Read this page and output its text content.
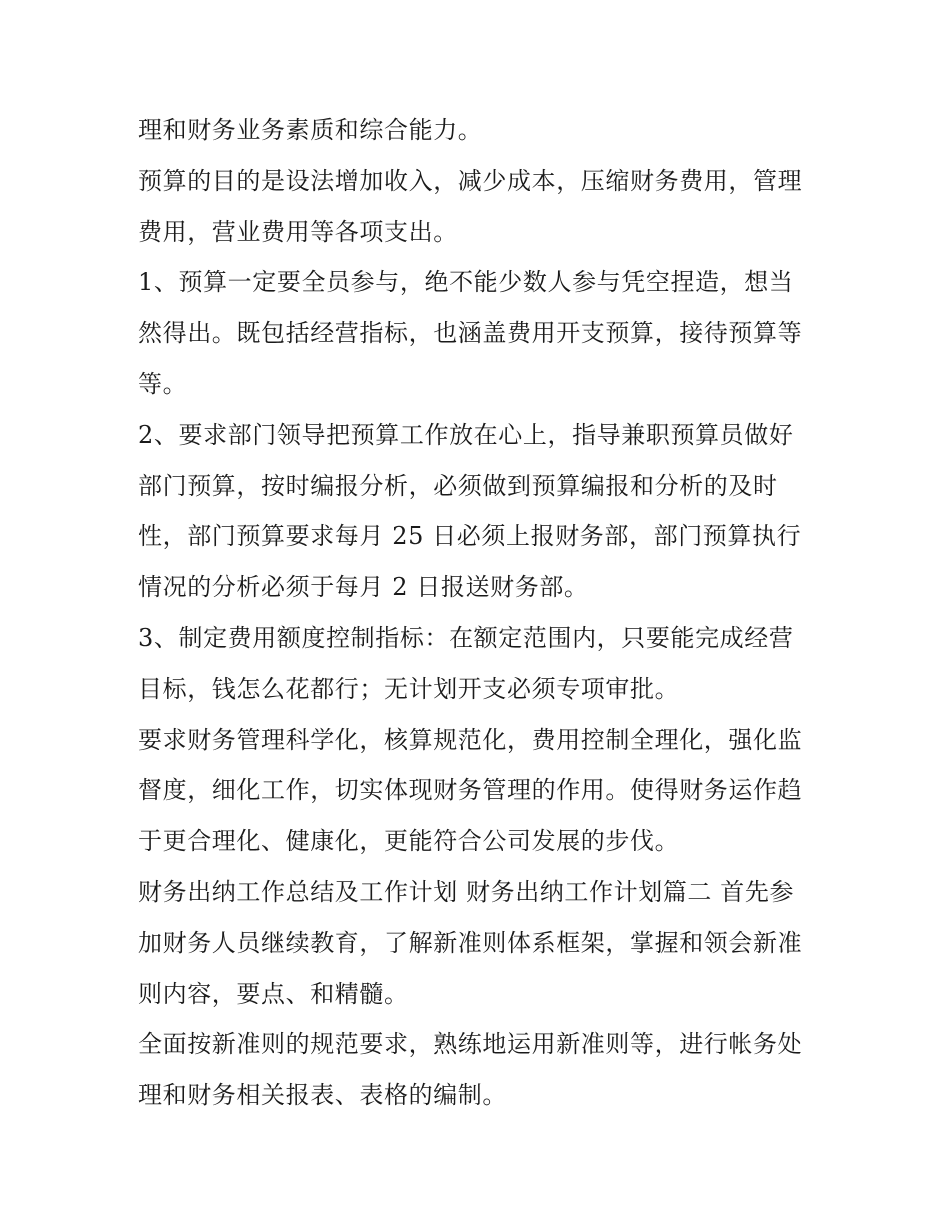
理和财务业务素质和综合能力。
预算的目的是设法增加收入，减少成本，压缩财务费用，管理
费用，营业费用等各项支出。
1、预算一定要全员参与，绝不能少数人参与凭空捏造，想当
然得出。既包括经营指标，也涵盖费用开支预算，接待预算等
等。
2、要求部门领导把预算工作放在心上，指导兼职预算员做好
部门预算，按时编报分析，必须做到预算编报和分析的及时
性，部门预算要求每月 25 日必须上报财务部，部门预算执行
情况的分析必须于每月 2 日报送财务部。
3、制定费用额度控制指标：在额定范围内，只要能完成经营
目标，钱怎么花都行；无计划开支必须专项审批。
要求财务管理科学化，核算规范化，费用控制全理化，强化监
督度，细化工作，切实体现财务管理的作用。使得财务运作趋
于更合理化、健康化，更能符合公司发展的步伐。
财务出纳工作总结及工作计划 财务出纳工作计划篇二 首先参
加财务人员继续教育，了解新准则体系框架，掌握和领会新准
则内容，要点、和精髓。
全面按新准则的规范要求，熟练地运用新准则等，进行帐务处
理和财务相关报表、表格的编制。
